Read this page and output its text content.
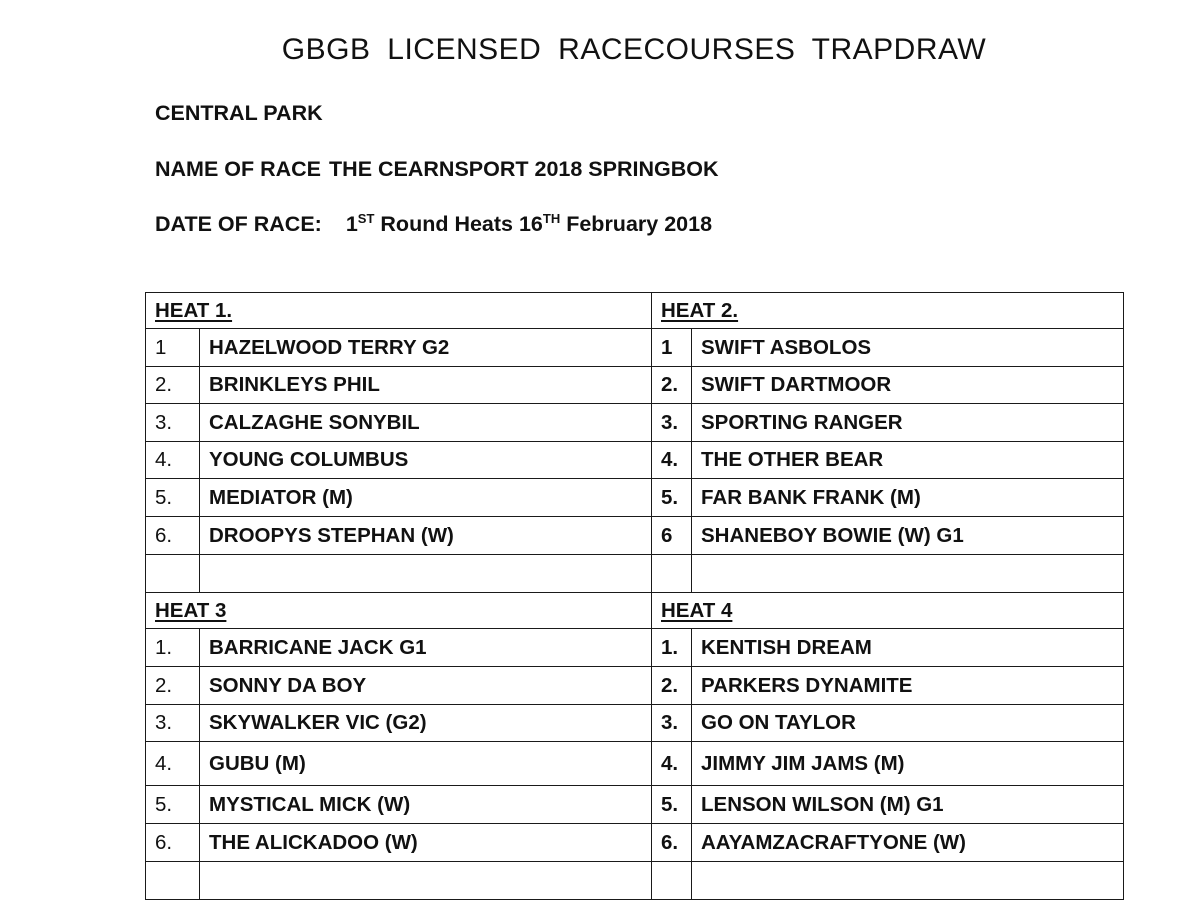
GBGB LICENSED RACECOURSES TRAPDRAW
CENTRAL PARK
NAME OF RACE THE CEARNSPORT 2018 SPRINGBOK
DATE OF RACE: 1ST Round Heats 16TH February 2018
HEAT 1.		HEAT 2.	
1	HAZELWOOD TERRY G2	1	SWIFT ASBOLOS
2.	BRINKLEYS PHIL	2.	SWIFT DARTMOOR
3.	CALZAGHE SONYBIL	3.	SPORTING RANGER
4.	YOUNG COLUMBUS	4.	THE OTHER BEAR
5.	MEDIATOR (M)	5.	FAR BANK FRANK (M)
6.	DROOPYS STEPHAN (W)	6	SHANEBOY BOWIE (W) G1

HEAT 3		HEAT 4	
1.	BARRICANE JACK G1	1.	KENTISH DREAM
2.	SONNY DA BOY	2.	PARKERS DYNAMITE
3.	SKYWALKER VIC (G2)	3.	GO ON TAYLOR
4.	GUBU (M)	4.	JIMMY JIM JAMS (M)
5.	MYSTICAL MICK (W)	5.	LENSON WILSON (M) G1
6.	THE ALICKADOO (W)	6.	AAYAMZACRAFTYONE (W)
